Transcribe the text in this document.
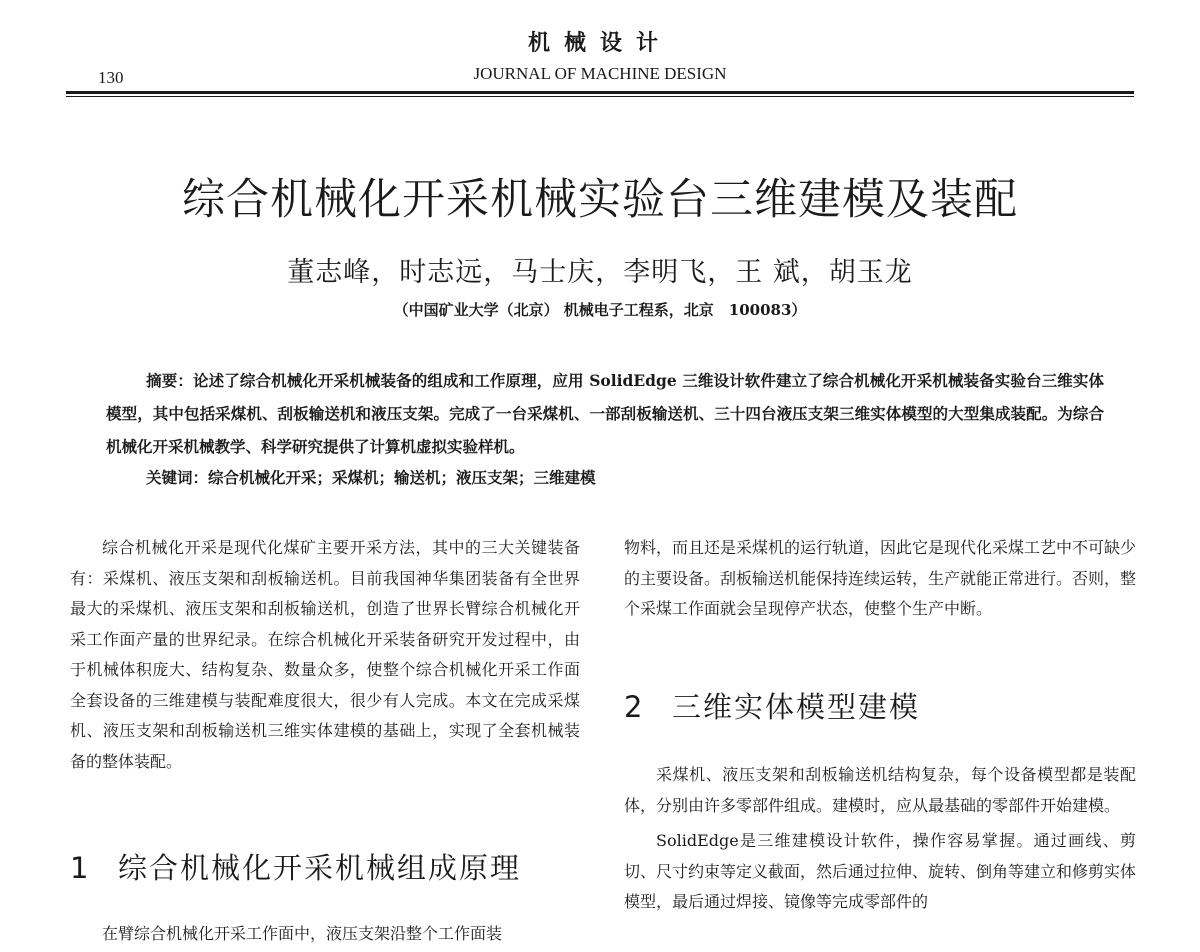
机械设计
130	JOURNAL OF MACHINE DESIGN
综合机械化开采机械实验台三维建模及装配
董志峰，时志远，马士庆，李明飞，王 斌，胡玉龙
（中国矿业大学（北京） 机械电子工程系，北京　100083）
摘要：论述了综合机械化开采机械装备的组成和工作原理，应用 SolidEdge 三维设计软件建立了综合机械化开采机械装备实验台三维实体模型，其中包括采煤机、刮板输送机和液压支架。完成了一台采煤机、一部刮板输送机、三十四台液压支架三维实体模型的大型集成装配。为综合机械化开采机械教学、科学研究提供了计算机虚拟实验样机。
关键词：综合机械化开采；采煤机；输送机；液压支架；三维建模

综合机械化开采是现代化煤矿主要开采方法，其中的三大关键装备有：采煤机、液压支架和刮板输送机。目前我国神华集团装备有全世界最大的采煤机、液压支架和刮板输送机，创造了世界长臂综合机械化开采工作面产量的世界纪录。在综合机械化开采装备研究开发过程中，由于机械体积庞大、结构复杂、数量众多，使整个综合机械化开采工作面全套设备的三维建模与装配难度很大，很少有人完成。本文在完成采煤机、液压支架和刮板输送机三维实体建模的基础上，实现了全套机械装备的整体装配。

1 综合机械化开采机械组成原理

在臂综合机械化开采工作面中，液压支架沿整个工作面装

物料，而且还是采煤机的运行轨道，因此它是现代化采煤工艺中不可缺少的主要设备。刮板输送机能保持连续运转，生产就能正常进行。否则，整个采煤工作面就会呈现停产状态，使整个生产中断。

2 三维实体模型建模

采煤机、液压支架和刮板输送机结构复杂，每个设备模型都是装配体，分别由许多零部件组成。建模时，应从最基础的零部件开始建模。

SolidEdge是三维建模设计软件，操作容易掌握。通过画线、剪切、尺寸约束等定义截面，然后通过拉伸、旋转、倒角等建立和修剪实体模型，最后通过焊接、镜像等完成零部件的
